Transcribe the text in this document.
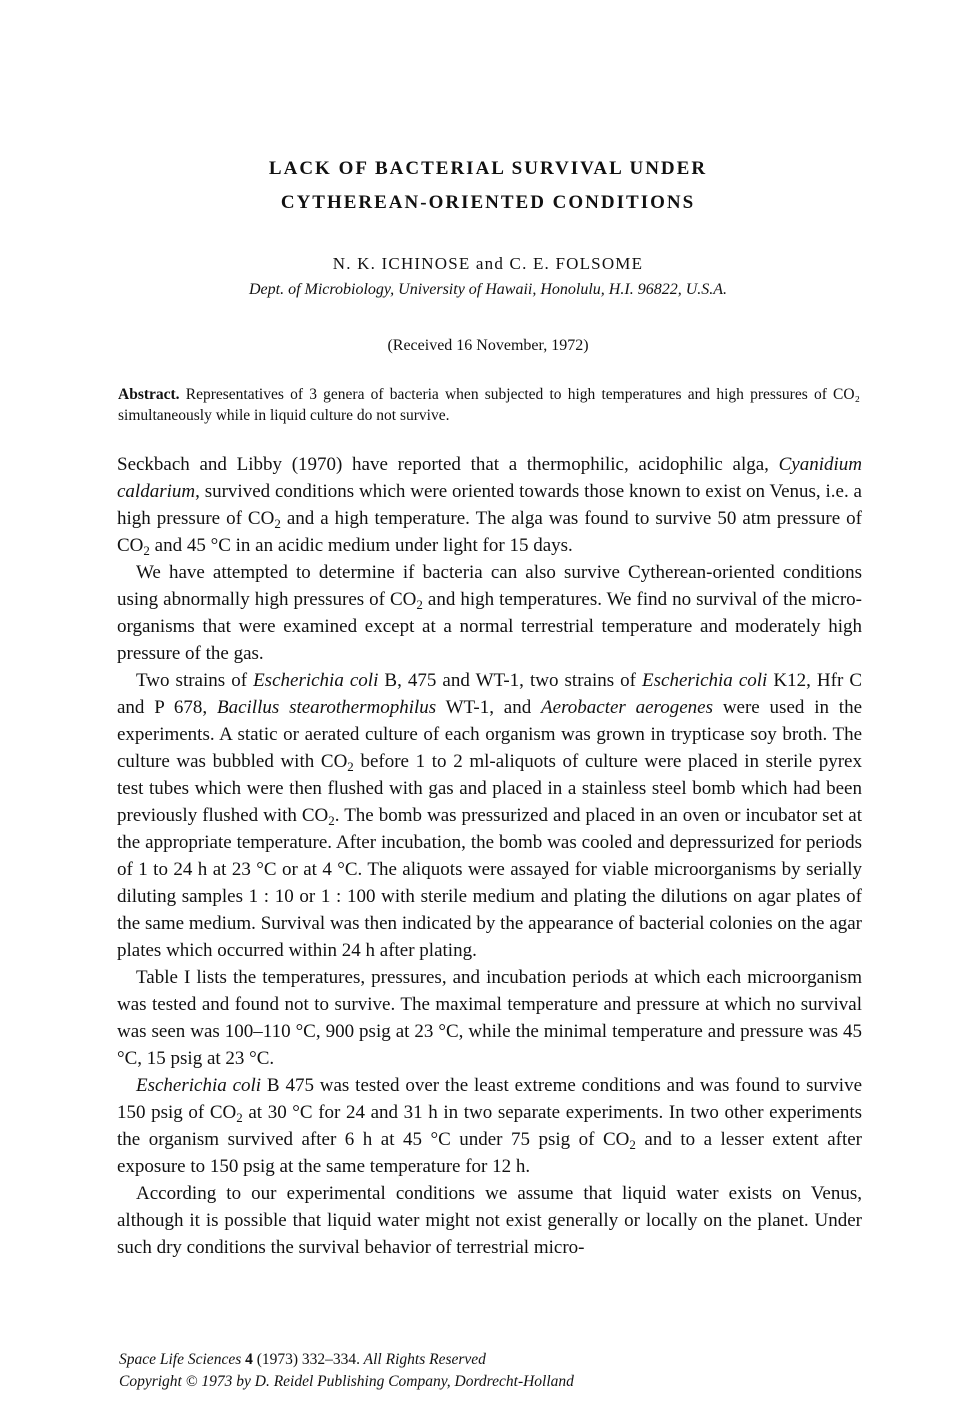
LACK OF BACTERIAL SURVIVAL UNDER
CYTHEREAN-ORIENTED CONDITIONS
N. K. ICHINOSE and C. E. FOLSOME
Dept. of Microbiology, University of Hawaii, Honolulu, H.I. 96822, U.S.A.
(Received 16 November, 1972)
Abstract. Representatives of 3 genera of bacteria when subjected to high temperatures and high pressures of CO₂ simultaneously while in liquid culture do not survive.

Seckbach and Libby (1970) have reported that a thermophilic, acidophilic alga, Cyanidium caldarium, survived conditions which were oriented towards those known to exist on Venus, i.e. a high pressure of $CO_2$ and a high temperature. The alga was found to survive 50 atm pressure of $CO_2$ and 45 °C in an acidic medium under light for 15 days.

We have attempted to determine if bacteria can also survive Cytherean-oriented conditions using abnormally high pressures of $CO_2$ and high temperatures. We find no survival of the micro-organisms that were examined except at a normal terrestrial temperature and moderately high pressure of the gas.

Two strains of Escherichia coli B, 475 and WT-1, two strains of Escherichia coli K12, Hfr C and P 678, Bacillus stearothermophilus WT-1, and Aerobacter aerogenes were used in the experiments. A static or aerated culture of each organism was grown in trypticase soy broth. The culture was bubbled with $CO_2$ before 1 to 2 ml-aliquots of culture were placed in sterile pyrex test tubes which were then flushed with gas and placed in a stainless steel bomb which had been previously flushed with $CO_2$. The bomb was pressurized and placed in an oven or incubator set at the appropriate temperature. After incubation, the bomb was cooled and depressurized for periods of 1 to 24 h at 23 °C or at 4 °C. The aliquots were assayed for viable microorganisms by serially diluting samples 1 : 10 or 1 : 100 with sterile medium and plating the dilutions on agar plates of the same medium. Survival was then indicated by the appearance of bacterial colonies on the agar plates which occurred within 24 h after plating.

Table I lists the temperatures, pressures, and incubation periods at which each microorganism was tested and found not to survive. The maximal temperature and pressure at which no survival was seen was 100–110 °C, 900 psig at 23 °C, while the minimal temperature and pressure was 45 °C, 15 psig at 23 °C.

Escherichia coli B 475 was tested over the least extreme conditions and was found to survive 150 psig of $CO_2$ at 30 °C for 24 and 31 h in two separate experiments. In two other experiments the organism survived after 6 h at 45 °C under 75 psig of $CO_2$ and to a lesser extent after exposure to 150 psig at the same temperature for 12 h.

According to our experimental conditions we assume that liquid water exists on Venus, although it is possible that liquid water might not exist generally or locally on the planet. Under such dry conditions the survival behavior of terrestrial micro-

Space Life Sciences 4 (1973) 332–334. All Rights Reserved
Copyright © 1973 by D. Reidel Publishing Company, Dordrecht-Holland
